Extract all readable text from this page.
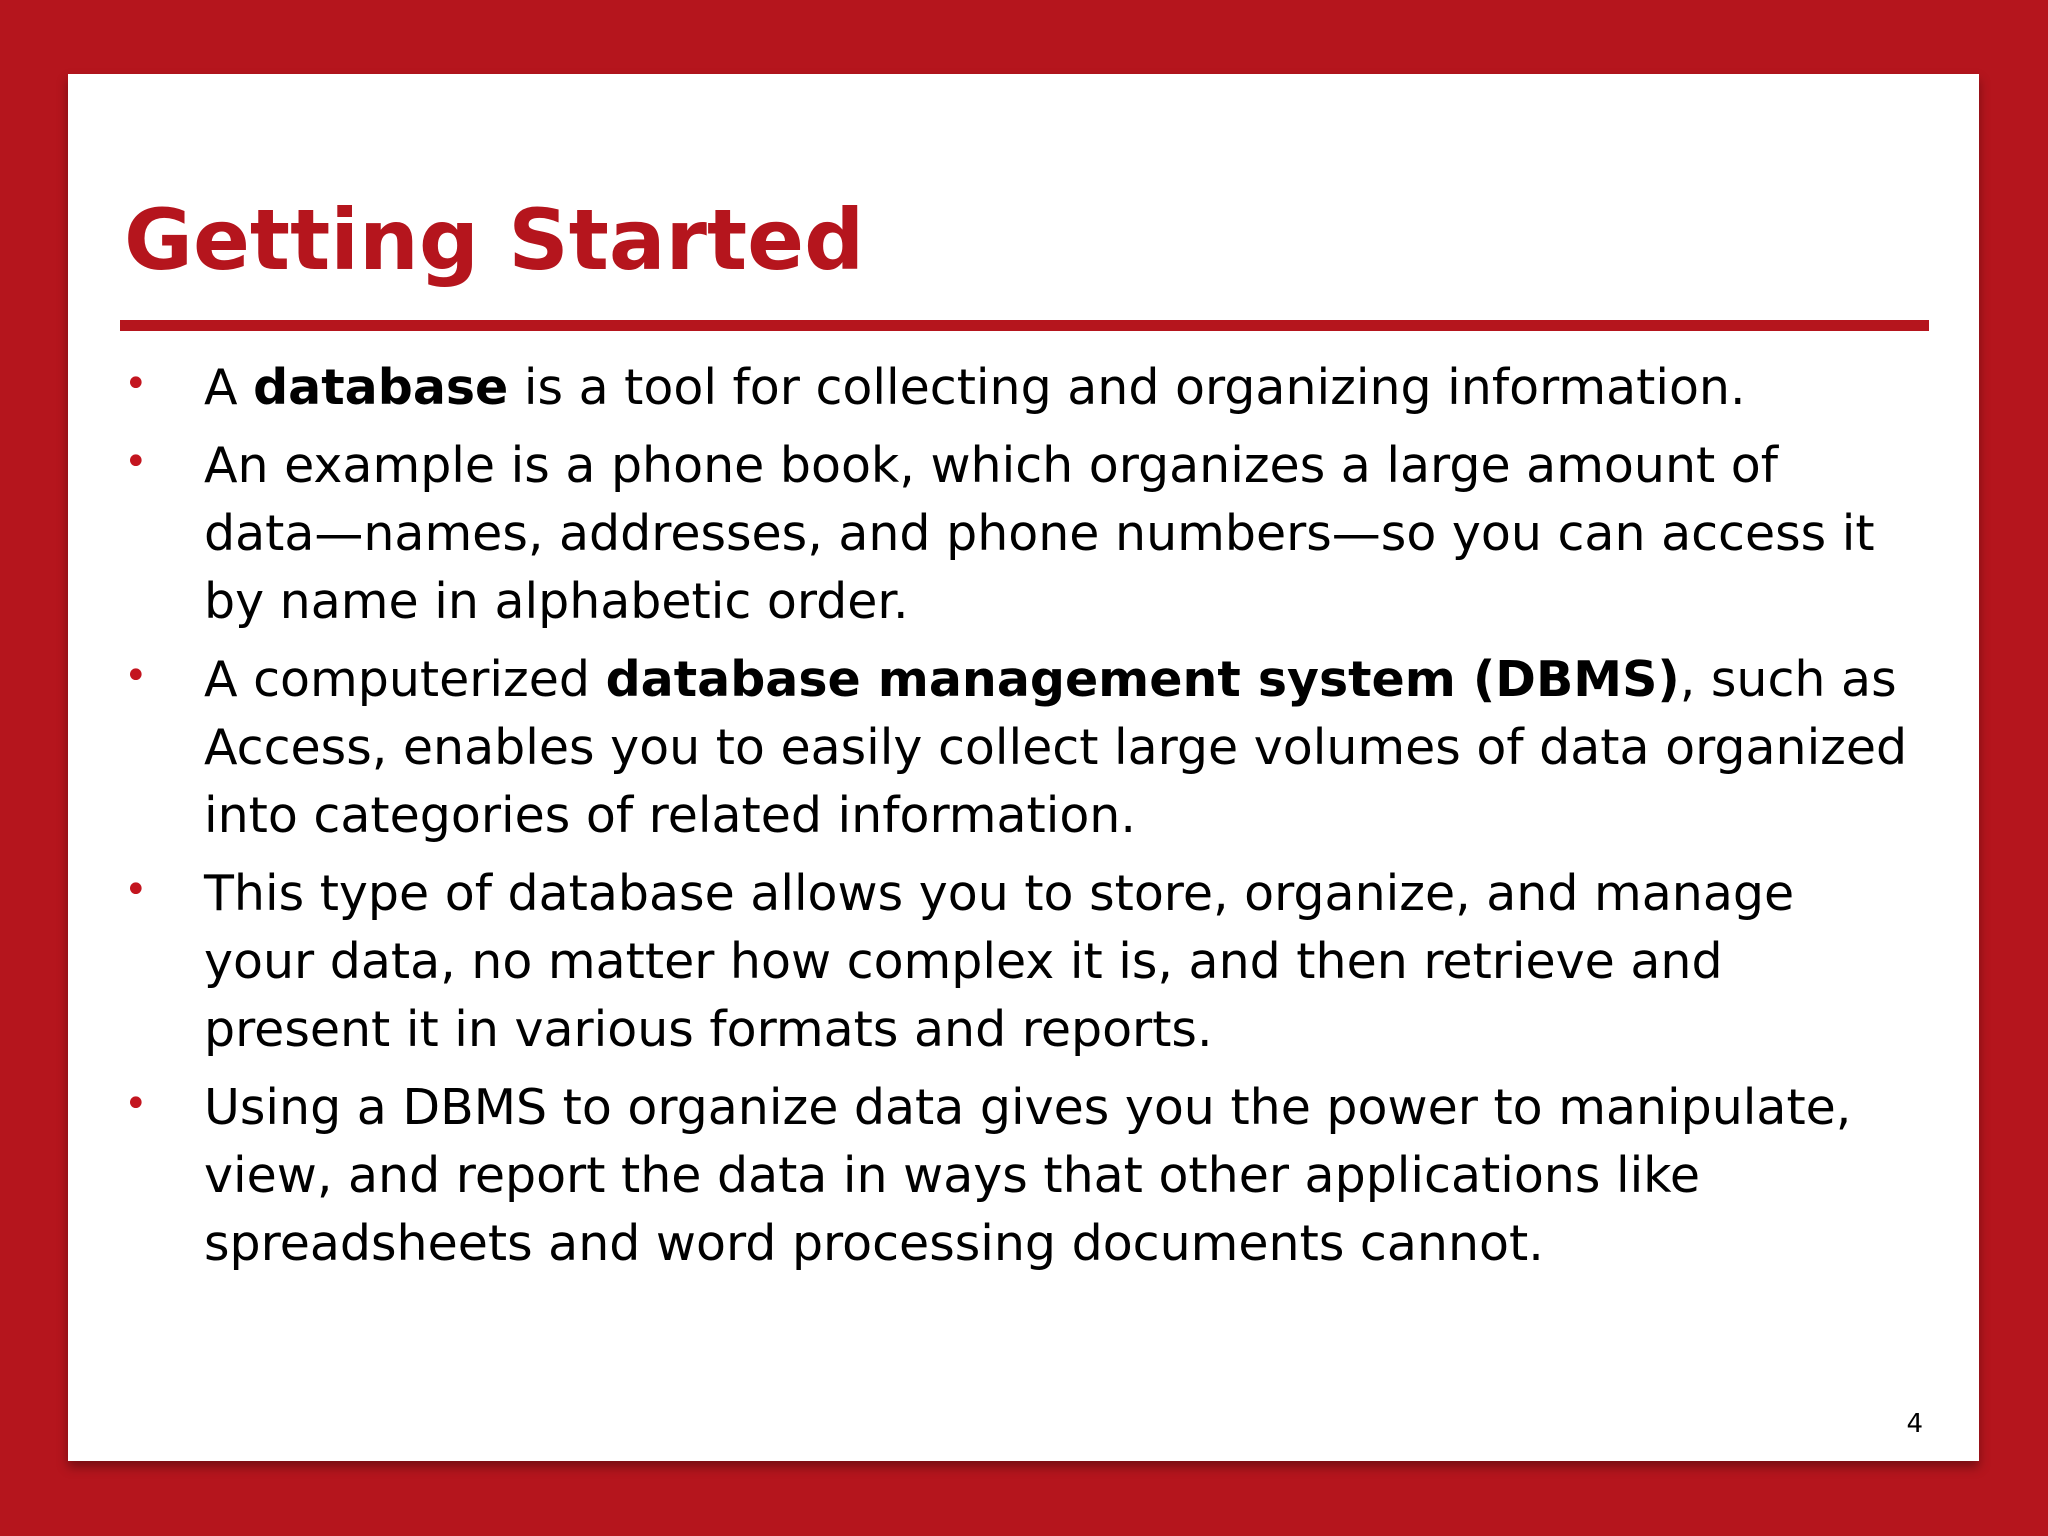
Getting Started
• A database is a tool for collecting and organizing information.
• An example is a phone book, which organizes a large amount of
data—names, addresses, and phone numbers—so you can access it
by name in alphabetic order.
• A computerized database management system (DBMS), such as
Access, enables you to easily collect large volumes of data organized
into categories of related information.
• This type of database allows you to store, organize, and manage
your data, no matter how complex it is, and then retrieve and
present it in various formats and reports.
• Using a DBMS to organize data gives you the power to manipulate,
view, and report the data in ways that other applications like
spreadsheets and word processing documents cannot.
4
